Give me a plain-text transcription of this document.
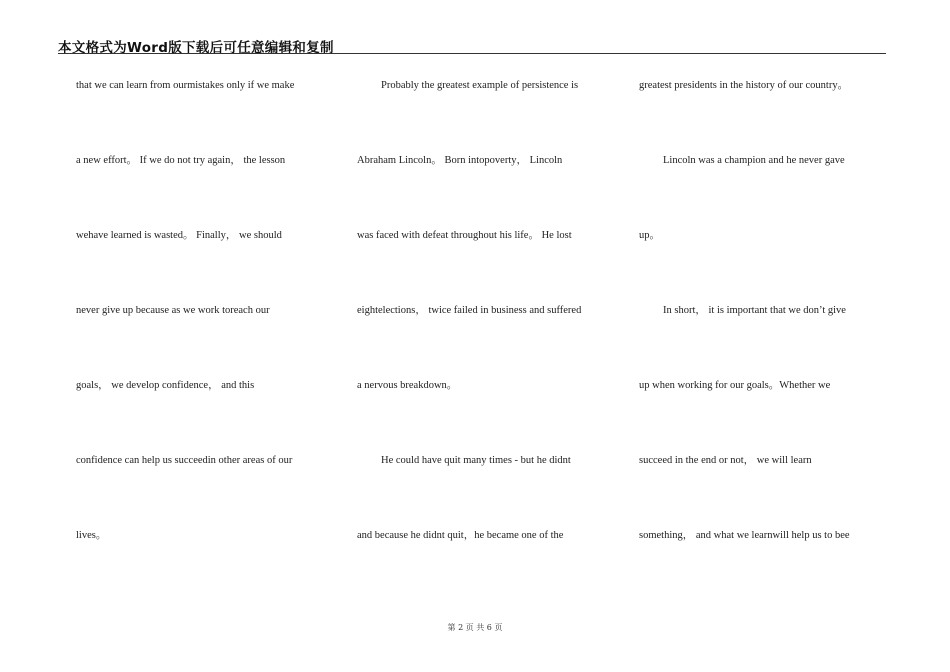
本文格式为Word版下载后可任意编辑和复制
that we can learn from ourmistakes only if we make
a new effort。 If we do not try again， the lesson
wehave learned is wasted。 Finally， we should
never give up because as we work toreach our
goals， we develop confidence， and this
confidence can help us succeedin other areas of our
lives。
Probably the greatest example of persistence is
Abraham Lincoln。 Born intopoverty， Lincoln
was faced with defeat throughout his life。 He lost
eightelections， twice failed in business and suffered
a nervous breakdown。
He could have quit many times - but he didnt
and because he didnt quit，he became one of the
greatest presidents in the history of our country。
Lincoln was a champion and he never gave
up。
In short， it is important that we don’t give
up when working for our goals。Whether we
succeed in the end or not， we will learn
something， and what we learnwill help us to bee
第 2 页 共 6 页
